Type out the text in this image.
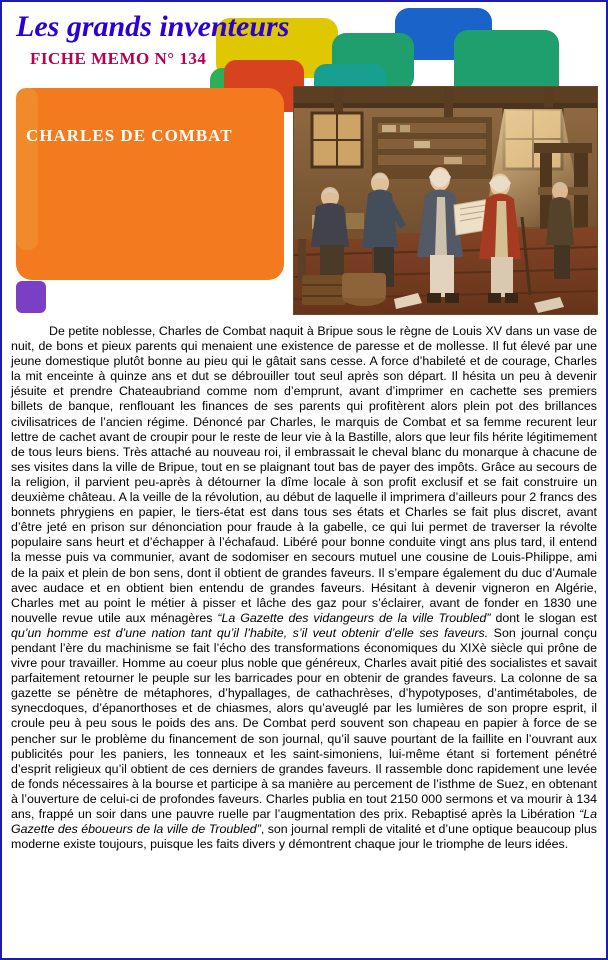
Les grands inventeurs
FICHE MEMO N° 134
CHARLES DE COMBAT
De petite noblesse, Charles de Combat naquit à Bripue sous le règne de Louis XV dans un vase de nuit, de bons et pieux parents qui menaient une existence de paresse et de mollesse. Il fut élevé par une jeune domestique plutôt bonne au pieu qui le gâtait sans cesse. A force d’habileté et de courage, Charles la mit enceinte à quinze ans et dut se débrouiller tout seul après son départ. Il hésita un peu à devenir jésuite et prendre Chateaubriand comme nom d’emprunt, avant d’imprimer en cachette ses premiers billets de banque, renflouant les finances de ses parents qui profitèrent alors plein pot des brillances civilisatrices de l’ancien régime. Dénoncé par Charles, le marquis de Combat et sa femme recurent leur lettre de cachet avant de croupir pour le reste de leur vie à la Bastille, alors que leur fils hérite légitimement de tous leurs biens. Très attaché au nouveau roi, il embrassait le cheval blanc du monarque à chacune de ses visites dans la ville de Bripue, tout en se plaignant tout bas de payer des impôts. Grâce au secours de la religion, il parvient peu-après à détourner la dîme locale à son profit exclusif et se fait construire un deuxième château. A la veille de la révolution, au début de laquelle il imprimera d’ailleurs pour 2 francs des bonnets phrygiens en papier, le tiers-état est dans tous ses états et Charles se fait plus discret, avant d’être jeté en prison sur dénonciation pour fraude à la gabelle, ce qui lui permet de traverser la révolte populaire sans heurt et d’échapper à l’échafaud. Libéré pour bonne conduite vingt ans plus tard, il entend la messe puis va communier, avant de sodomiser en secours mutuel une cousine de Louis-Philippe, ami de la paix et plein de bon sens, dont il obtient de grandes faveurs. Il s’empare également du duc d’Aumale avec audace et en obtient bien entendu de grandes faveurs. Hésitant à devenir vigneron en Algérie, Charles met au point le métier à pisser et lâche des gaz pour s’éclairer, avant de fonder en 1830 une nouvelle revue utile aux ménagères “La Gazette des vidangeurs de la ville Troubled” dont le slogan est qu’un homme est d’une nation tant qu’il l’habite, s’il veut obtenir d’elle ses faveurs. Son journal conçu pendant l’ère du machinisme se fait l’écho des transformations économiques du XIXè siècle qui prône de vivre pour travailler. Homme au coeur plus noble que généreux, Charles avait pitié des socialistes et savait parfaitement retourner le peuple sur les barricades pour en obtenir de grandes faveurs. La colonne de sa gazette se pénètre de métaphores, d’hypallages, de cathachrèses, d’hypotyposes, d’antimétaboles, de synecdoques, d’épanorthoses et de chiasmes, alors qu’aveuglé par les lumières de son propre esprit, il croule peu à peu sous le poids des ans. De Combat perd souvent son chapeau en papier à force de se pencher sur le problème du financement de son journal, qu’il sauve pourtant de la faillite en l’ouvrant aux publicités pour les paniers, les tonneaux et les saint-simoniens, lui-même étant si fortement pénétré d’esprit religieux qu’il obtient de ces derniers de grandes faveurs. Il rassemble donc rapidement une levée de fonds nécessaires à la bourse et participe à sa manière au percement de l’isthme de Suez, en obtenant à l’ouverture de celui-ci de profondes faveurs. Charles publia en tout 2150 000 sermons et va mourir à 134 ans, frappé un soir dans une pauvre ruelle par l’augmentation des prix. Rebaptisé après la Libération “La Gazette des éboueurs de la ville de Troubled”, son journal rempli de vitalité et d’une optique beaucoup plus moderne existe toujours, puisque les faits divers y démontrent chaque jour le triomphe de leurs idées.
